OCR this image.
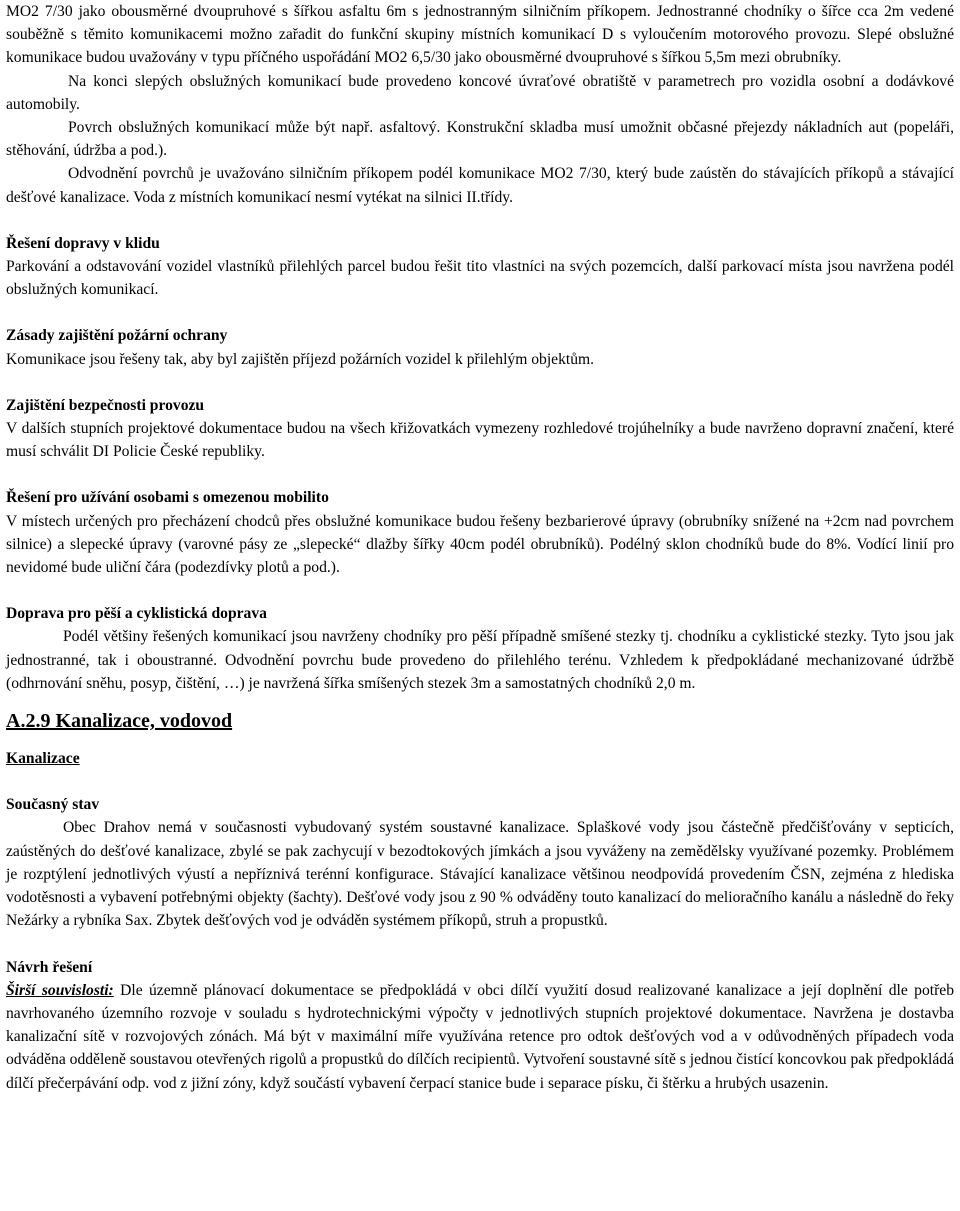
MO2 7/30 jako obousměrné dvoupruhové s šířkou asfaltu 6m s jednostranným silničním příkopem. Jednostranné chodníky o šířce cca 2m vedené souběžně s těmito komunikacemi možno zařadit do funkční skupiny místních komunikací D s vyloučením motorového provozu. Slepé obslužné komunikace budou uvažovány v typu příčného uspořádání MO2 6,5/30 jako obousměrné dvoupruhové s šířkou 5,5m mezi obrubníky.

Na konci slepých obslužných komunikací bude provedeno koncové úvraťové obratiště v parametrech pro vozidla osobní a dodávkové automobily.

Povrch obslužných komunikací může být např. asfaltový. Konstrukční skladba musí umožnit občasné přejezdy nákladních aut (popeláři, stěhování, údržba a pod.).

Odvodnění povrchů je uvažováno silničním příkopem podél komunikace MO2 7/30, který bude zaústěn do stávajících příkopů a stávající dešťové kanalizace. Voda z místních komunikací nesmí vytékat na silnici II.třídy.

Řešení dopravy v klidu

Parkování a odstavování vozidel vlastníků přilehlých parcel budou řešit tito vlastníci na svých pozemcích, další parkovací místa jsou navržena podél obslužných komunikací.

Zásady zajištění požární ochrany

Komunikace jsou řešeny tak, aby byl zajištěn příjezd požárních vozidel k přilehlým objektům.

Zajištění bezpečnosti provozu

V dalších stupních projektové dokumentace budou na všech křižovatkách vymezeny rozhledové trojúhelníky a bude navrženo dopravní značení, které musí schválit DI Policie České republiky.

Řešení pro užívání osobami s omezenou mobilito

V místech určených pro přecházení chodců přes obslužné komunikace budou řešeny bezbarierové úpravy (obrubníky snížené na +2cm nad povrchem silnice) a slepecké úpravy (varovné pásy ze „slepecké“ dlažby šířky 40cm podél obrubníků). Podélný sklon chodníků bude do 8%. Vodící linií pro nevidomé bude uliční čára (podezdívky plotů a pod.).

Doprava pro pěší a cyklistická doprava

Podél většiny řešených komunikací jsou navrženy chodníky pro pěší případně smíšené stezky tj. chodníku a cyklistické stezky. Tyto jsou jak jednostranné, tak i oboustranné. Odvodnění povrchu bude provedeno do přilehlého terénu. Vzhledem k předpokládané mechanizované údržbě (odhrnování sněhu, posyp, čištění, …) je navržená šířka smíšených stezek 3m a samostatných chodníků 2,0 m.

A.2.9 Kanalizace, vodovod

Kanalizace

Současný stav

Obec Drahov nemá v současnosti vybudovaný systém soustavné kanalizace. Splaškové vody jsou částečně předčišťovány v septicích, zaústěných do dešťové kanalizace, zbylé se pak zachycují v bezodtokových jímkách a jsou vyváženy na zemědělsky využívané pozemky. Problémem je rozptýlení jednotlivých výustí a nepříznivá terénní konfigurace. Stávající kanalizace většinou neodpovídá provedením ČSN, zejména z hlediska vodotěsnosti a vybavení potřebnými objekty (šachty). Dešťové vody jsou z 90 % odváděny touto kanalizací do melioračního kanálu a následně do řeky Nežárky a rybníka Sax. Zbytek dešťových vod je odváděn systémem příkopů, struh a propustků.

Návrh řešení

Širší souvislosti: Dle územně plánovací dokumentace se předpokládá v obci dílčí využití dosud realizované kanalizace a její doplnění dle potřeb navrhovaného územního rozvoje v souladu s hydrotechnickými výpočty v jednotlivých stupních projektové dokumentace. Navržena je dostavba kanalizační sítě v rozvojových zónách. Má být v maximální míře využívána retence pro odtok dešťových vod a v odůvodněných případech voda odváděna odděleně soustavou otevřených rigolů a propustků do dílčích recipientů. Vytvoření soustavné sítě s jednou čistící koncovkou pak předpokládá dílčí přečerpávání odp. vod z jižní zóny, když součástí vybavení čerpací stanice bude i separace písku, či štěrku a hrubých usazenin.
